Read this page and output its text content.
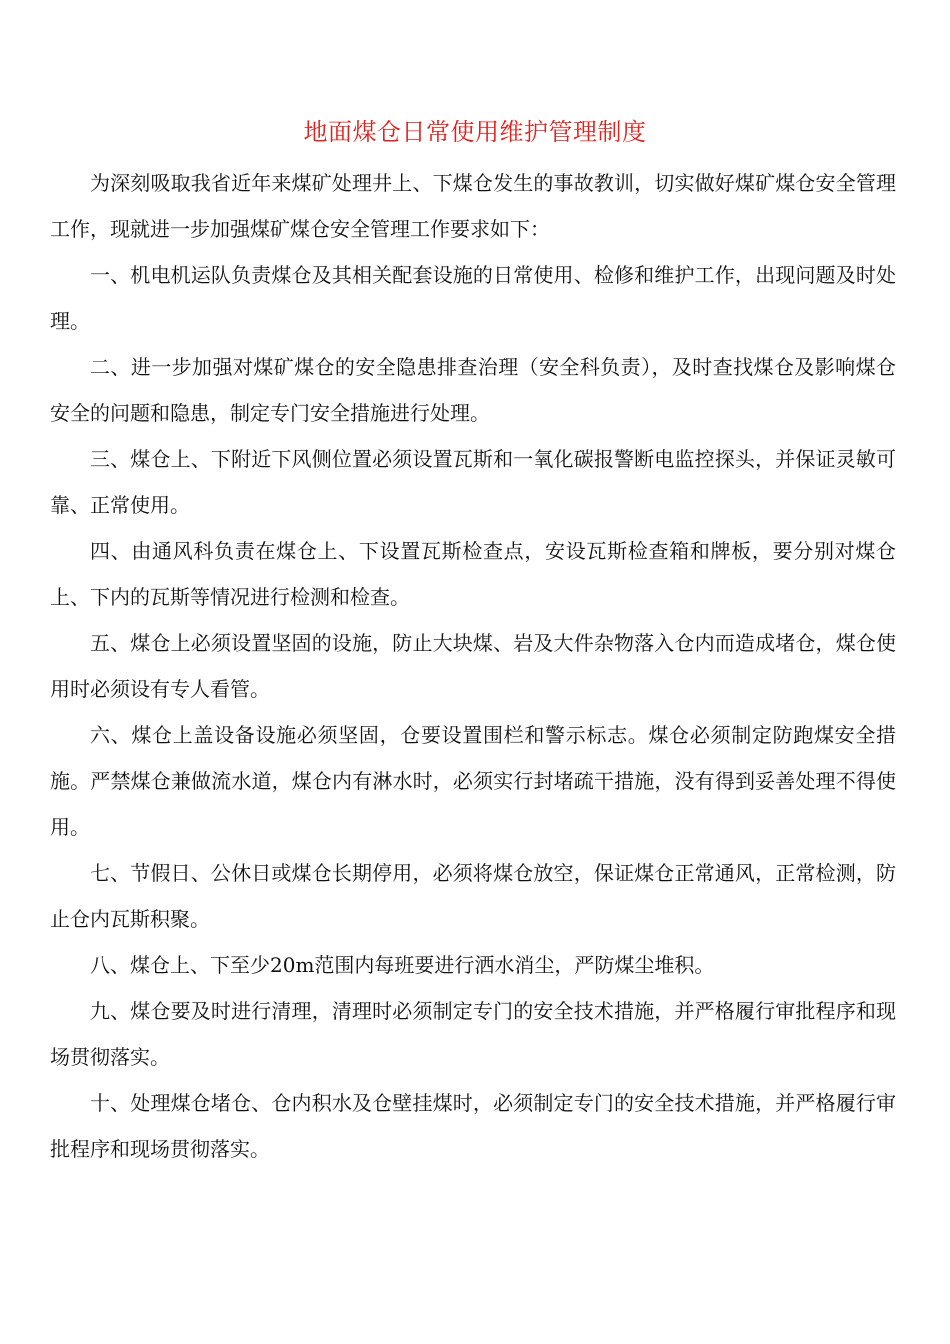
地面煤仓日常使用维护管理制度

为深刻吸取我省近年来煤矿处理井上、下煤仓发生的事故教训，切实做好煤矿煤仓安全管理工作，现就进一步加强煤矿煤仓安全管理工作要求如下：

一、机电机运队负责煤仓及其相关配套设施的日常使用、检修和维护工作，出现问题及时处理。

二、进一步加强对煤矿煤仓的安全隐患排查治理（安全科负责），及时查找煤仓及影响煤仓安全的问题和隐患，制定专门安全措施进行处理。

三、煤仓上、下附近下风侧位置必须设置瓦斯和一氧化碳报警断电监控探头，并保证灵敏可靠、正常使用。

四、由通风科负责在煤仓上、下设置瓦斯检查点，安设瓦斯检查箱和牌板，要分别对煤仓上、下内的瓦斯等情况进行检测和检查。

五、煤仓上必须设置坚固的设施，防止大块煤、岩及大件杂物落入仓内而造成堵仓，煤仓使用时必须设有专人看管。

六、煤仓上盖设备设施必须坚固，仓要设置围栏和警示标志。煤仓必须制定防跑煤安全措施。严禁煤仓兼做流水道，煤仓内有淋水时，必须实行封堵疏干措施，没有得到妥善处理不得使用。

七、节假日、公休日或煤仓长期停用，必须将煤仓放空，保证煤仓正常通风，正常检测，防止仓内瓦斯积聚。

八、煤仓上、下至少20m范围内每班要进行洒水消尘，严防煤尘堆积。

九、煤仓要及时进行清理，清理时必须制定专门的安全技术措施，并严格履行审批程序和现场贯彻落实。

十、处理煤仓堵仓、仓内积水及仓壁挂煤时，必须制定专门的安全技术措施，并严格履行审批程序和现场贯彻落实。
